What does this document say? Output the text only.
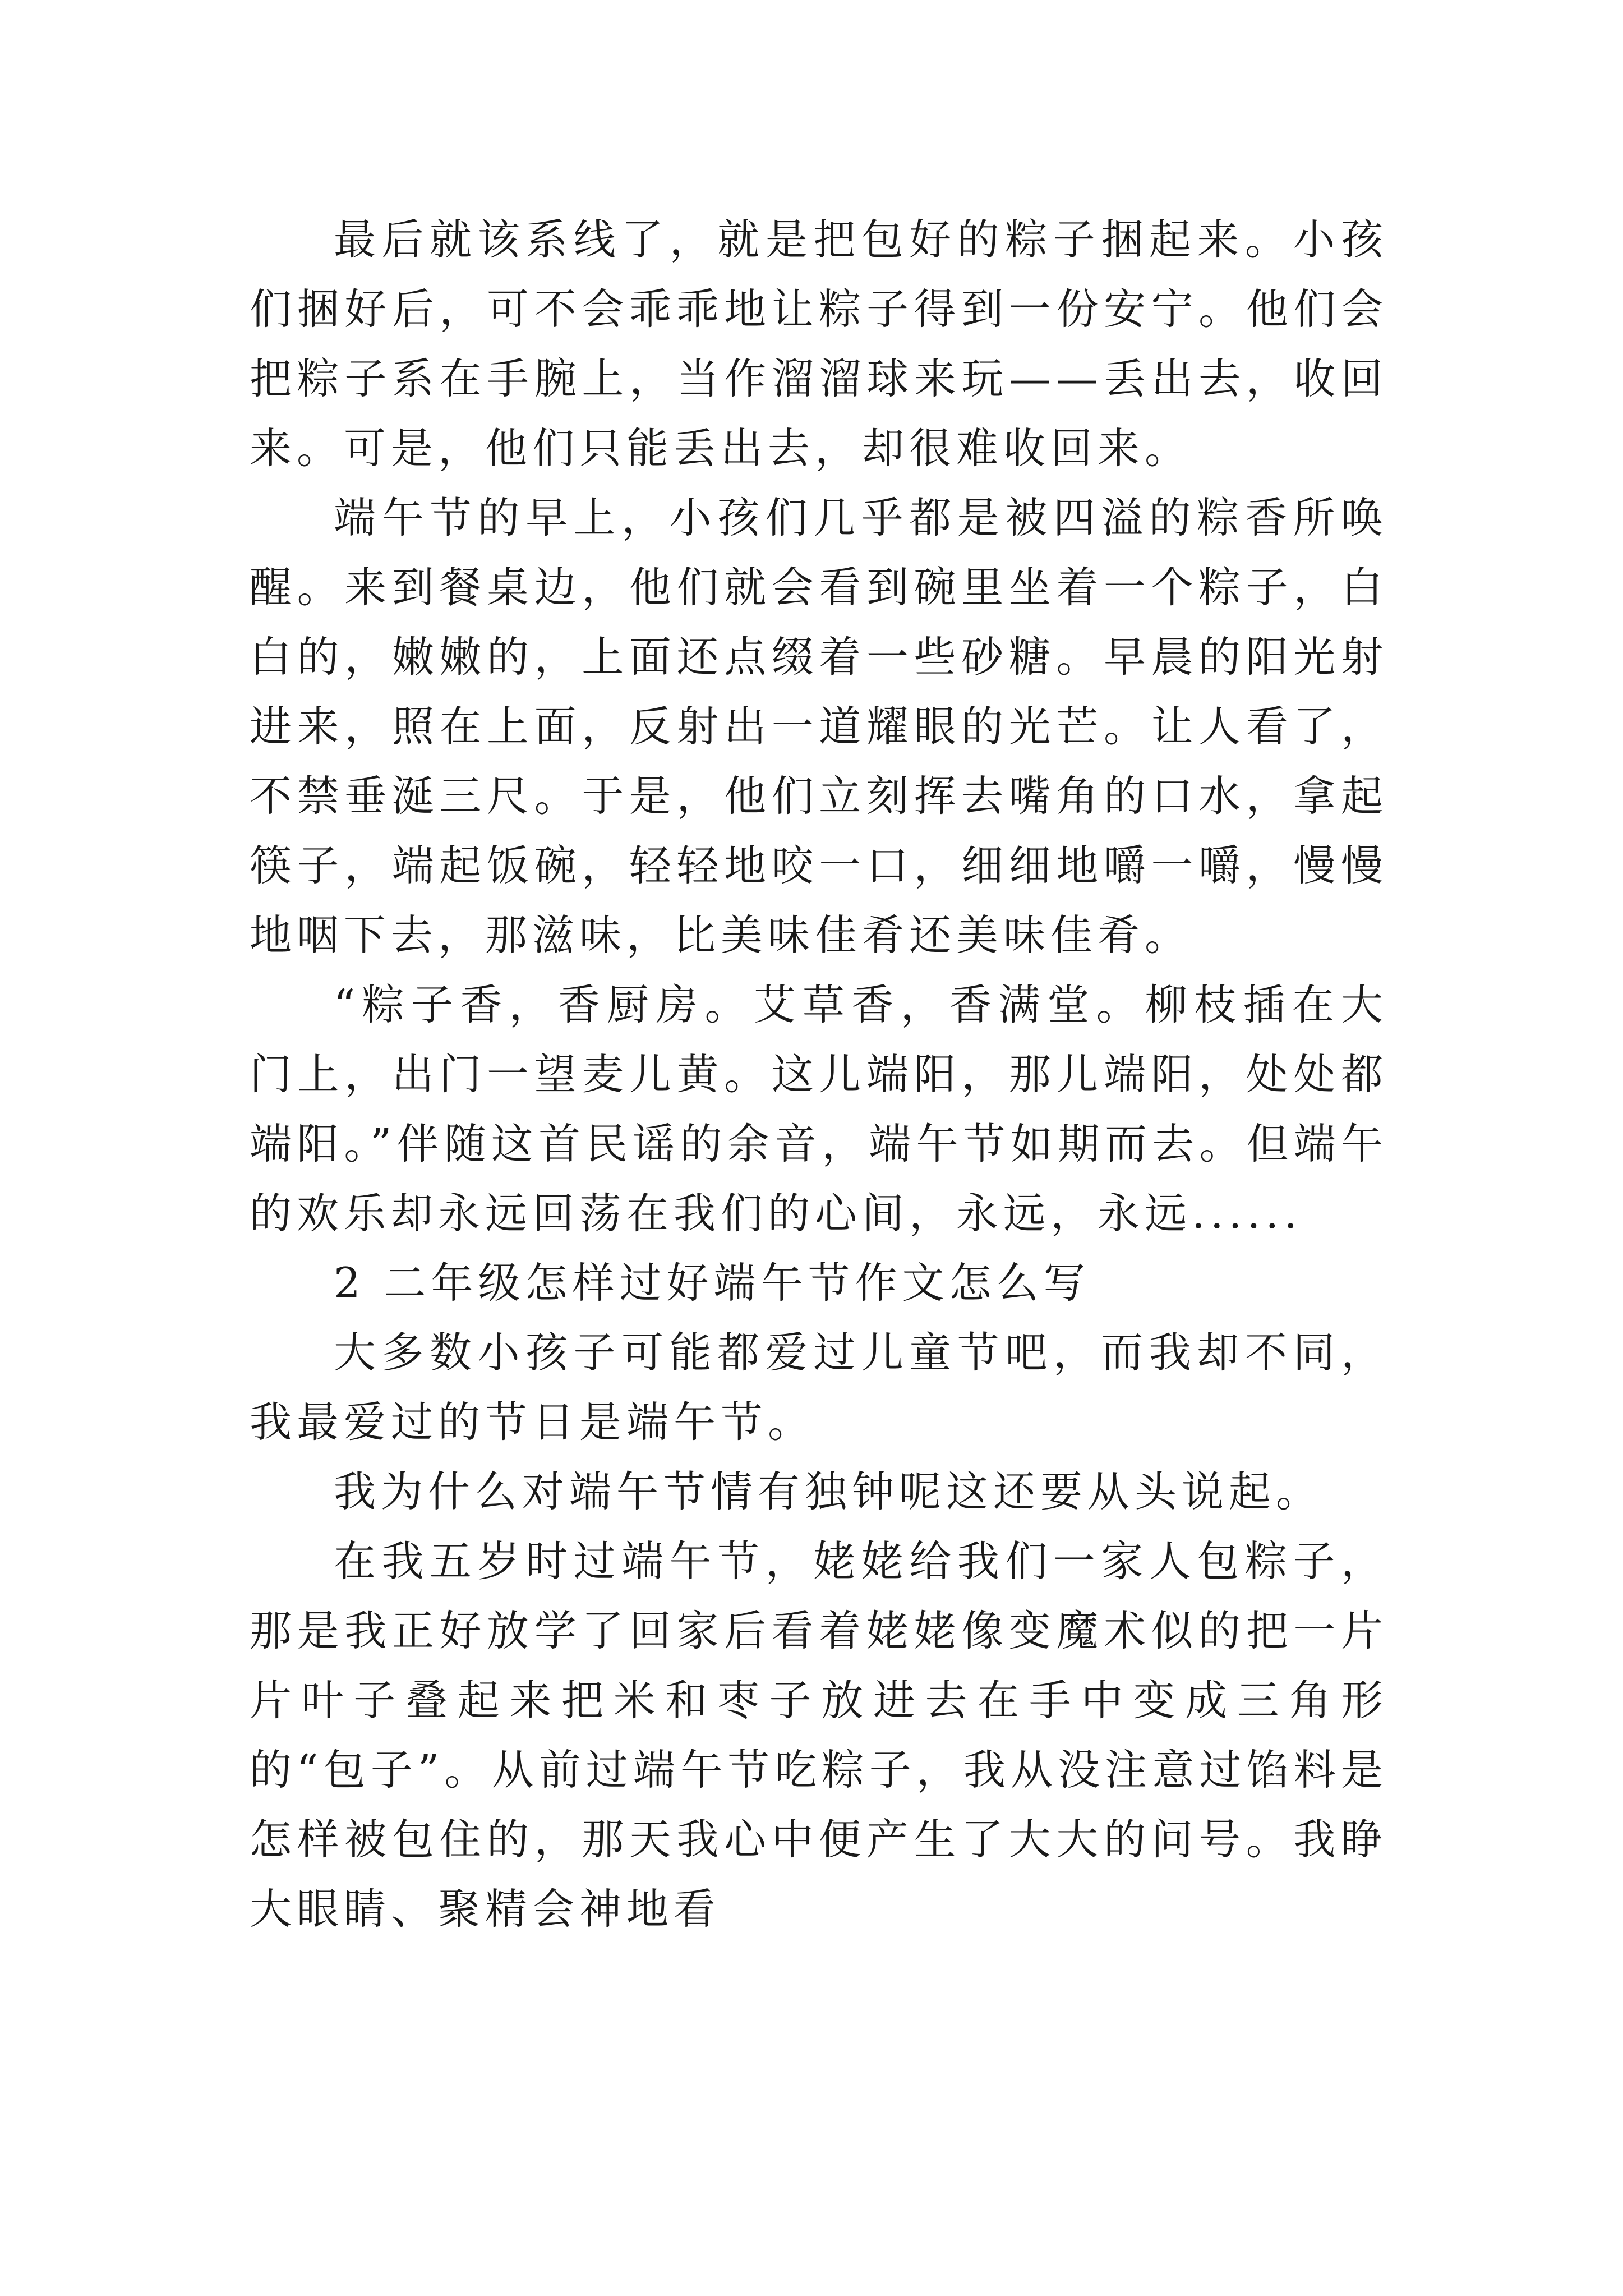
最后就该系线了，就是把包好的粽子捆起来。小孩们捆好后，可不会乖乖地让粽子得到一份安宁。他们会把粽子系在手腕上，当作溜溜球来玩——丢出去，收回来。可是，他们只能丢出去，却很难收回来。

端午节的早上，小孩们几乎都是被四溢的粽香所唤醒。来到餐桌边，他们就会看到碗里坐着一个粽子，白白的，嫩嫩的，上面还点缀着一些砂糖。早晨的阳光射进来，照在上面，反射出一道耀眼的光芒。让人看了，不禁垂涎三尺。于是，他们立刻挥去嘴角的口水，拿起筷子，端起饭碗，轻轻地咬一口，细细地嚼一嚼，慢慢地咽下去，那滋味，比美味佳肴还美味佳肴。

“粽子香，香厨房。艾草香，香满堂。柳枝插在大门上，出门一望麦儿黄。这儿端阳，那儿端阳，处处都端阳。”伴随这首民谣的余音，端午节如期而去。但端午的欢乐却永远回荡在我们的心间，永远，永远......

2 二年级怎样过好端午节作文怎么写

大多数小孩子可能都爱过儿童节吧，而我却不同，我最爱过的节日是端午节。

我为什么对端午节情有独钟呢这还要从头说起。

在我五岁时过端午节，姥姥给我们一家人包粽子，那是我正好放学了回家后看着姥姥像变魔术似的把一片片叶子叠起来把米和枣子放进去在手中变成三角形的“包子”。从前过端午节吃粽子，我从没注意过馅料是怎样被包住的，那天我心中便产生了大大的问号。我睁大眼睛、聚精会神地看
